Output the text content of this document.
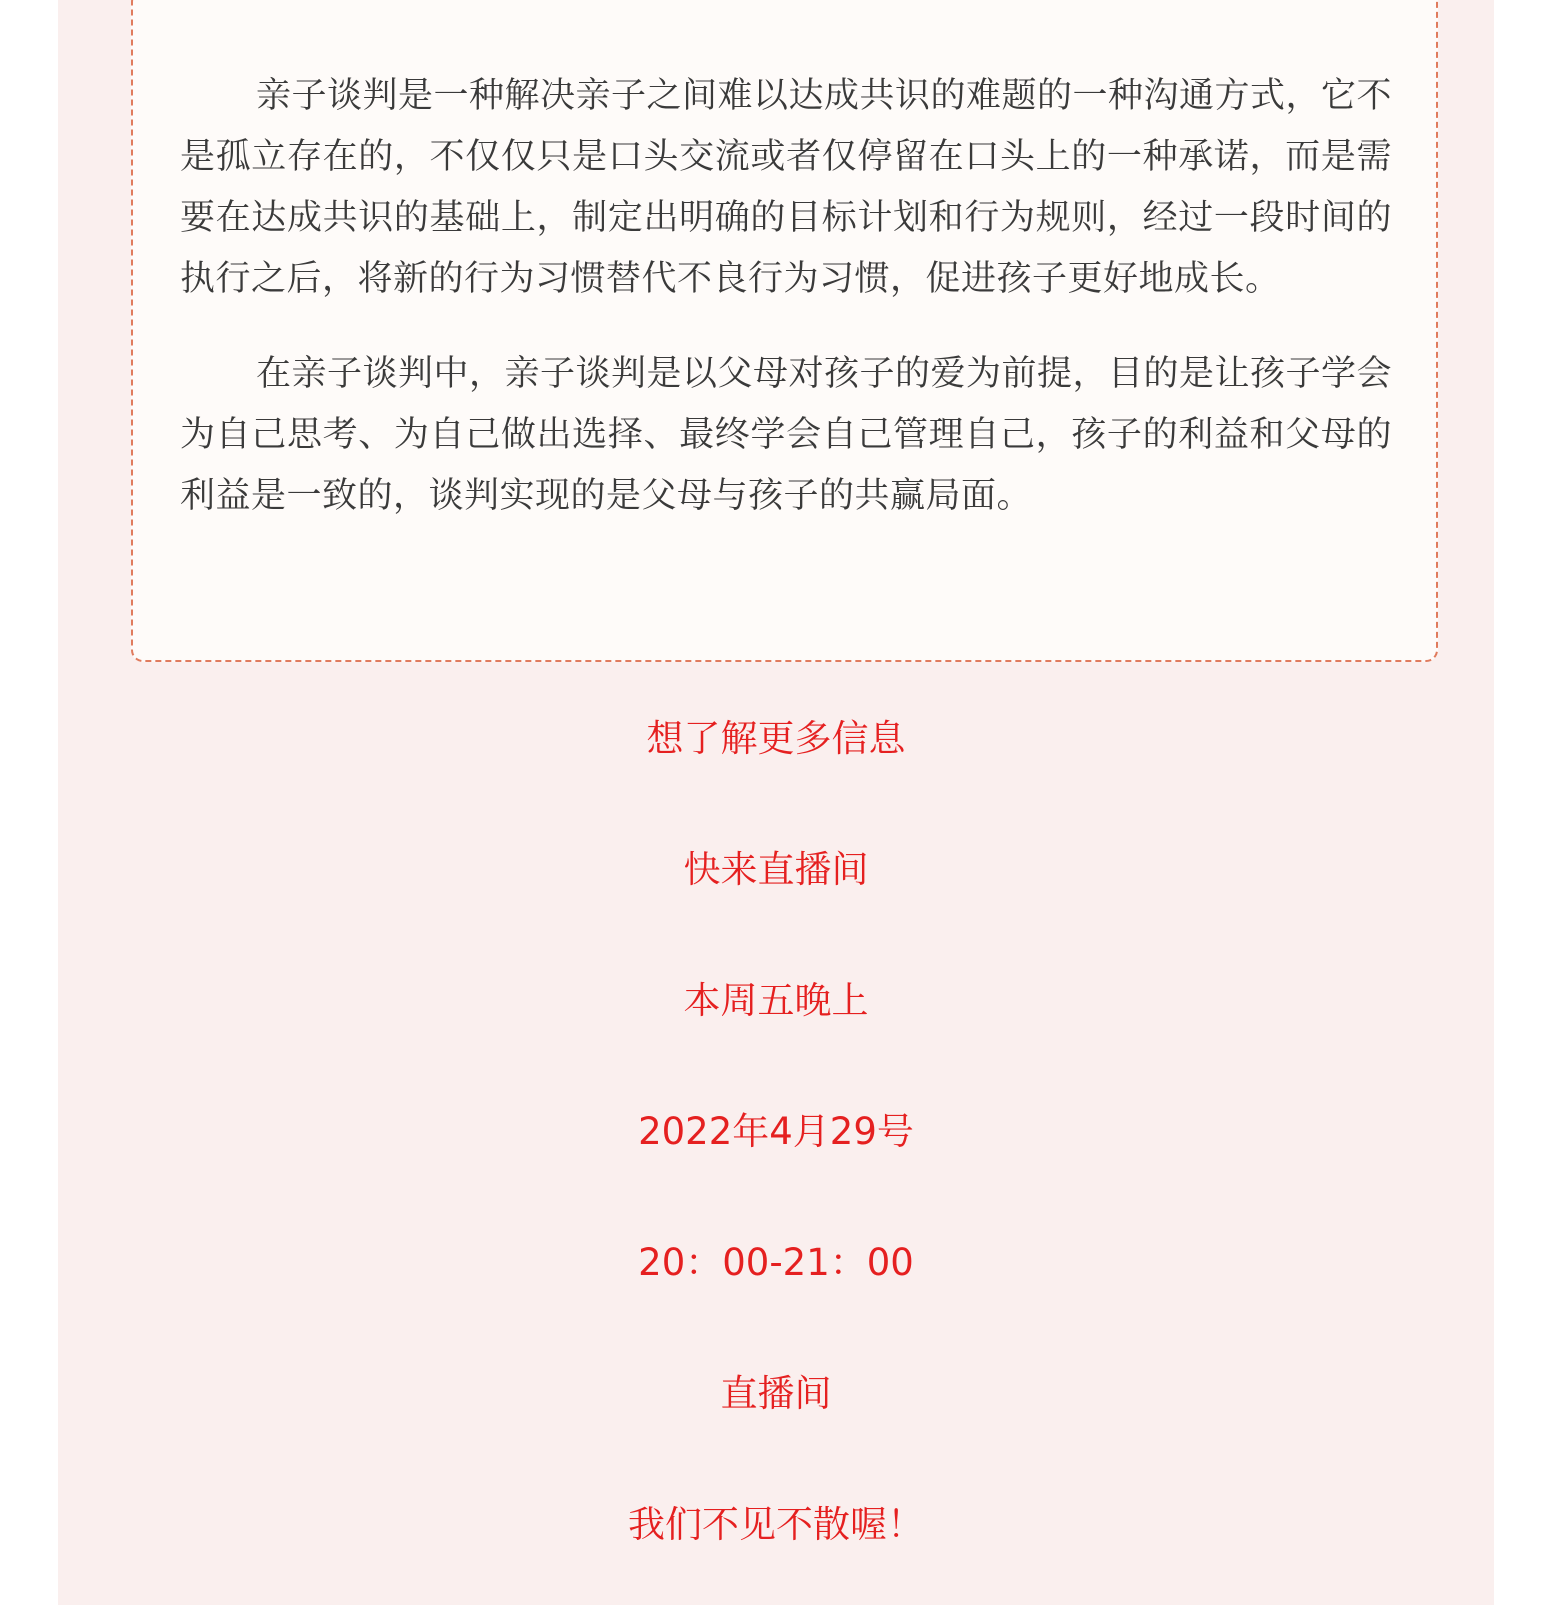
亲子谈判是一种解决亲子之间难以达成共识的难题的一种沟通方式，它不是孤立存在的，不仅仅只是口头交流或者仅停留在口头上的一种承诺，而是需要在达成共识的基础上，制定出明确的目标计划和行为规则，经过一段时间的执行之后，将新的行为习惯替代不良行为习惯，促进孩子更好地成长。

在亲子谈判中，亲子谈判是以父母对孩子的爱为前提，目的是让孩子学会为自己思考、为自己做出选择、最终学会自己管理自己，孩子的利益和父母的利益是一致的，谈判实现的是父母与孩子的共赢局面。

想了解更多信息
快来直播间
本周五晚上
2022年4月29号
20：00-21：00
直播间
我们不见不散喔！
